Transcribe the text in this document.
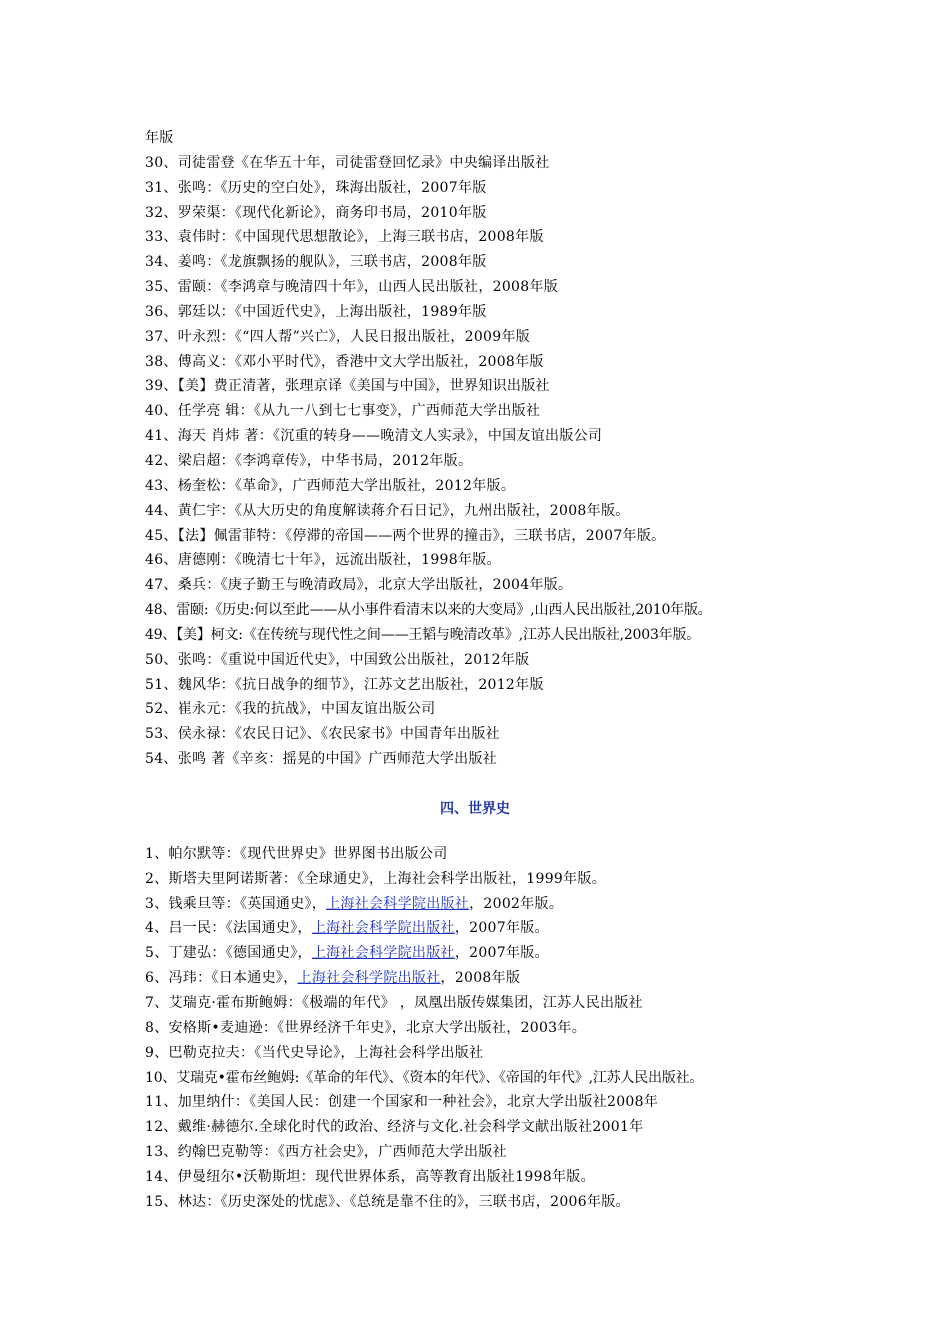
年版
30、司徒雷登《在华五十年，司徒雷登回忆录》中央编译出版社
31、张鸣：《历史的空白处》，珠海出版社，2007年版
32、罗荣渠：《现代化新论》，商务印书局，2010年版
33、袁伟时：《中国现代思想散论》，上海三联书店，2008年版
34、姜鸣：《龙旗飘扬的舰队》，三联书店，2008年版
35、雷颐：《李鸿章与晚清四十年》，山西人民出版社，2008年版
36、郭廷以：《中国近代史》，上海出版社，1989年版
37、叶永烈：《“四人帮”兴亡》，人民日报出版社，2009年版
38、傅高义：《邓小平时代》，香港中文大学出版社，2008年版
39、【美】费正清著，张理京译《美国与中国》，世界知识出版社
40、任学亮 辑：《从九一八到七七事变》，广西师范大学出版社
41、海天 肖炜 著：《沉重的转身——晚清文人实录》，中国友谊出版公司
42、梁启超：《李鸿章传》，中华书局，2012年版。
43、杨奎松：《革命》，广西师范大学出版社，2012年版。
44、黄仁宇：《从大历史的角度解读蒋介石日记》，九州出版社，2008年版。
45、【法】佩雷菲特：《停滞的帝国——两个世界的撞击》，三联书店，2007年版。
46、唐德刚：《晚清七十年》，远流出版社，1998年版。
47、桑兵：《庚子勤王与晚清政局》，北京大学出版社，2004年版。
48、雷颐:《历史:何以至此——从小事件看清末以来的大变局》,山西人民出版社,2010年版。
49、【美】柯文:《在传统与现代性之间——王韬与晚清改革》,江苏人民出版社,2003年版。
50、张鸣：《重说中国近代史》，中国致公出版社，2012年版
51、魏风华：《抗日战争的细节》，江苏文艺出版社，2012年版
52、崔永元：《我的抗战》，中国友谊出版公司
53、侯永禄：《农民日记》、《农民家书》中国青年出版社
54、张鸣 著《辛亥：摇晃的中国》广西师范大学出版社
四、世界史
1、帕尔默等：《现代世界史》世界图书出版公司
2、斯塔夫里阿诺斯著：《全球通史》，上海社会科学出版社，1999年版。
3、钱乘旦等：《英国通史》，上海社会科学院出版社，2002年版。
4、吕一民：《法国通史》，上海社会科学院出版社，2007年版。
5、丁建弘：《德国通史》，上海社会科学院出版社，2007年版。
6、冯玮：《日本通史》，上海社会科学院出版社，2008年版
7、艾瑞克·霍布斯鲍姆：《极端的年代》 ，凤凰出版传媒集团，江苏人民出版社
8、安格斯•麦迪逊：《世界经济千年史》，北京大学出版社，2003年。
9、巴勒克拉夫：《当代史导论》，上海社会科学出版社
10、艾瑞克•霍布丝鲍姆:《革命的年代》、《资本的年代》、《帝国的年代》,江苏人民出版社。
11、加里纳什：《美国人民：创建一个国家和一种社会》，北京大学出版社2008年
12、戴维·赫德尔.全球化时代的政治、经济与文化.社会科学文献出版社2001年
13、约翰巴克勒等：《西方社会史》，广西师范大学出版社
14、伊曼纽尔•沃勒斯坦：现代世界体系，高等教育出版社1998年版。
15、林达：《历史深处的忧虑》、《总统是靠不住的》，三联书店，2006年版。
